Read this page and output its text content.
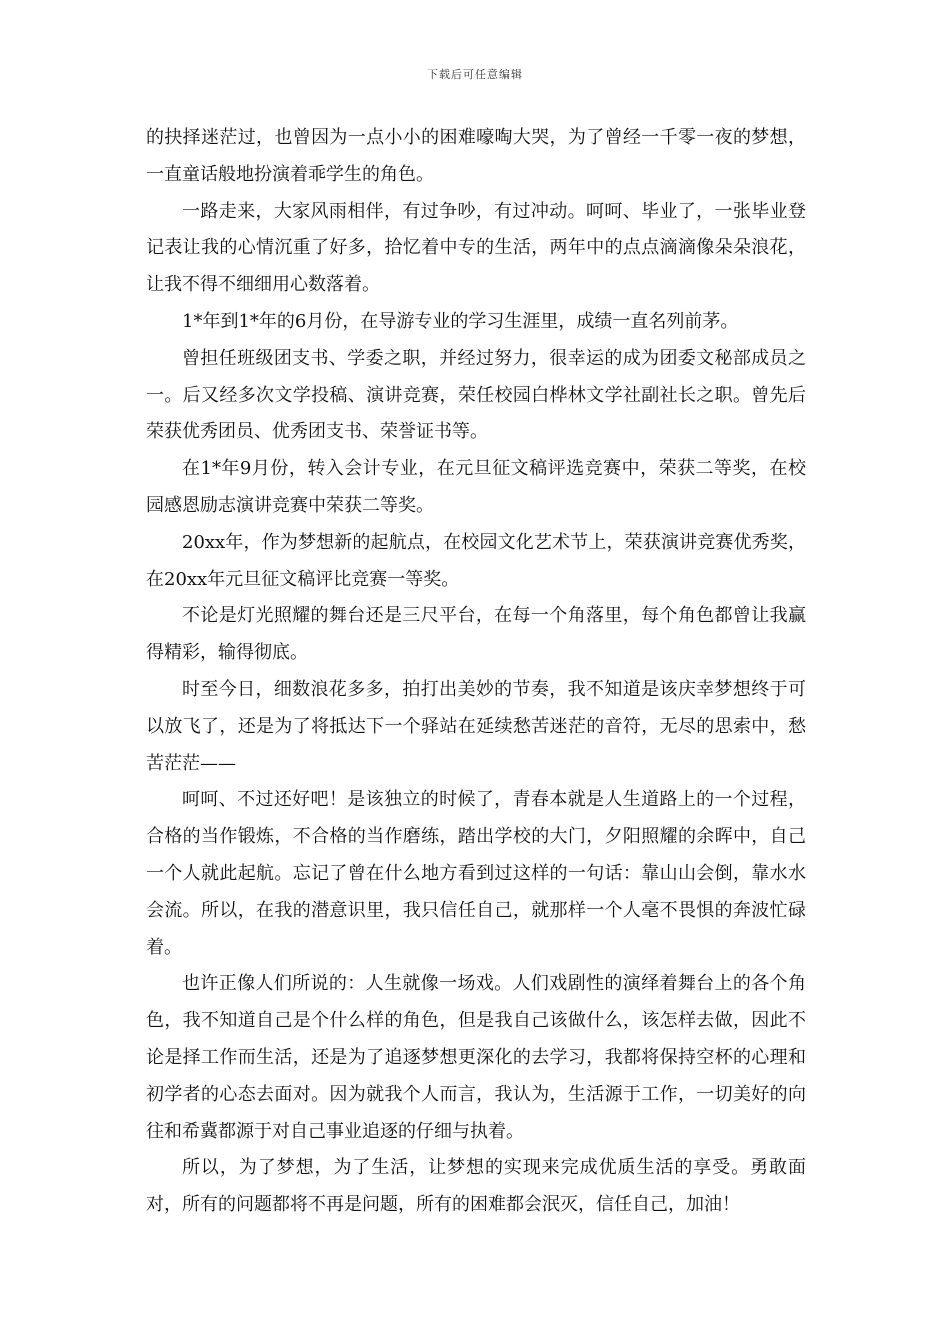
下载后可任意编辑

的抉择迷茫过，也曾因为一点小小的困难嚎啕大哭，为了曾经一千零一夜的梦想，一直童话般地扮演着乖学生的角色。

一路走来，大家风雨相伴，有过争吵，有过冲动。呵呵、毕业了，一张毕业登记表让我的心情沉重了好多，拾忆着中专的生活，两年中的点点滴滴像朵朵浪花，让我不得不细细用心数落着。

1*年到1*年的6月份，在导游专业的学习生涯里，成绩一直名列前茅。

曾担任班级团支书、学委之职，并经过努力，很幸运的成为团委文秘部成员之一。后又经多次文学投稿、演讲竞赛，荣任校园白桦林文学社副社长之职。曾先后荣获优秀团员、优秀团支书、荣誉证书等。

在1*年9月份，转入会计专业，在元旦征文稿评选竞赛中，荣获二等奖，在校园感恩励志演讲竞赛中荣获二等奖。

20xx年，作为梦想新的起航点，在校园文化艺术节上，荣获演讲竞赛优秀奖，在20xx年元旦征文稿评比竞赛一等奖。

不论是灯光照耀的舞台还是三尺平台，在每一个角落里，每个角色都曾让我赢得精彩，输得彻底。

时至今日，细数浪花多多，拍打出美妙的节奏，我不知道是该庆幸梦想终于可以放飞了，还是为了将抵达下一个驿站在延续愁苦迷茫的音符，无尽的思索中，愁苦茫茫——

呵呵、不过还好吧！是该独立的时候了，青春本就是人生道路上的一个过程，合格的当作锻炼，不合格的当作磨练，踏出学校的大门，夕阳照耀的余晖中，自己一个人就此起航。忘记了曾在什么地方看到过这样的一句话：靠山山会倒，靠水水会流。所以，在我的潜意识里，我只信任自己，就那样一个人毫不畏惧的奔波忙碌着。

也许正像人们所说的：人生就像一场戏。人们戏剧性的演绎着舞台上的各个角色，我不知道自己是个什么样的角色，但是我自己该做什么，该怎样去做，因此不论是择工作而生活，还是为了追逐梦想更深化的去学习，我都将保持空杯的心理和初学者的心态去面对。因为就我个人而言，我认为，生活源于工作，一切美好的向往和希冀都源于对自己事业追逐的仔细与执着。

所以，为了梦想，为了生活，让梦想的实现来完成优质生活的享受。勇敢面对，所有的问题都将不再是问题，所有的困难都会泯灭，信任自己，加油！
